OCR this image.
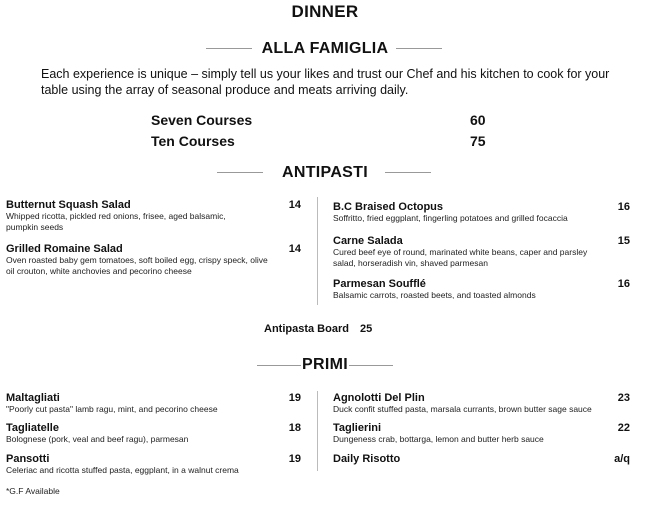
DINNER
ALLA FAMIGLIA
Each experience is unique – simply tell us your likes and trust our Chef and his kitchen to cook for your table using the array of seasonal produce and meats arriving daily.
Seven Courses	60
Ten Courses	75
ANTIPASTI
Butternut Squash Salad
Whipped ricotta, pickled red onions, frisee, aged balsamic, pumpkin seeds
14
Grilled Romaine Salad
Oven roasted baby gem tomatoes, soft boiled egg, crispy speck, olive oil crouton, white anchovies and pecorino cheese
14
B.C Braised Octopus
Soffritto, fried eggplant, fingerling potatoes and grilled focaccia
16
Carne Salada
Cured beef eye of round, marinated white beans, caper and parsley salad, horseradish vin, shaved parmesan
15
Parmesan Soufflé
Balsamic carrots, roasted beets, and toasted almonds
16
Antipasta Board 25
PRIMI
Maltagliati
"Poorly cut pasta" lamb ragu, mint, and pecorino cheese
19
Tagliatelle
Bolognese (pork, veal and beef ragu), parmesan
18
Pansotti
Celeriac and ricotta stuffed pasta, eggplant, in a walnut crema
19
Agnolotti Del Plin
Duck confit stuffed pasta, marsala currants, brown butter sage sauce
23
Taglierini
Dungeness crab, bottarga, lemon and butter herb sauce
22
Daily Risotto	a/q
*G.F Available
